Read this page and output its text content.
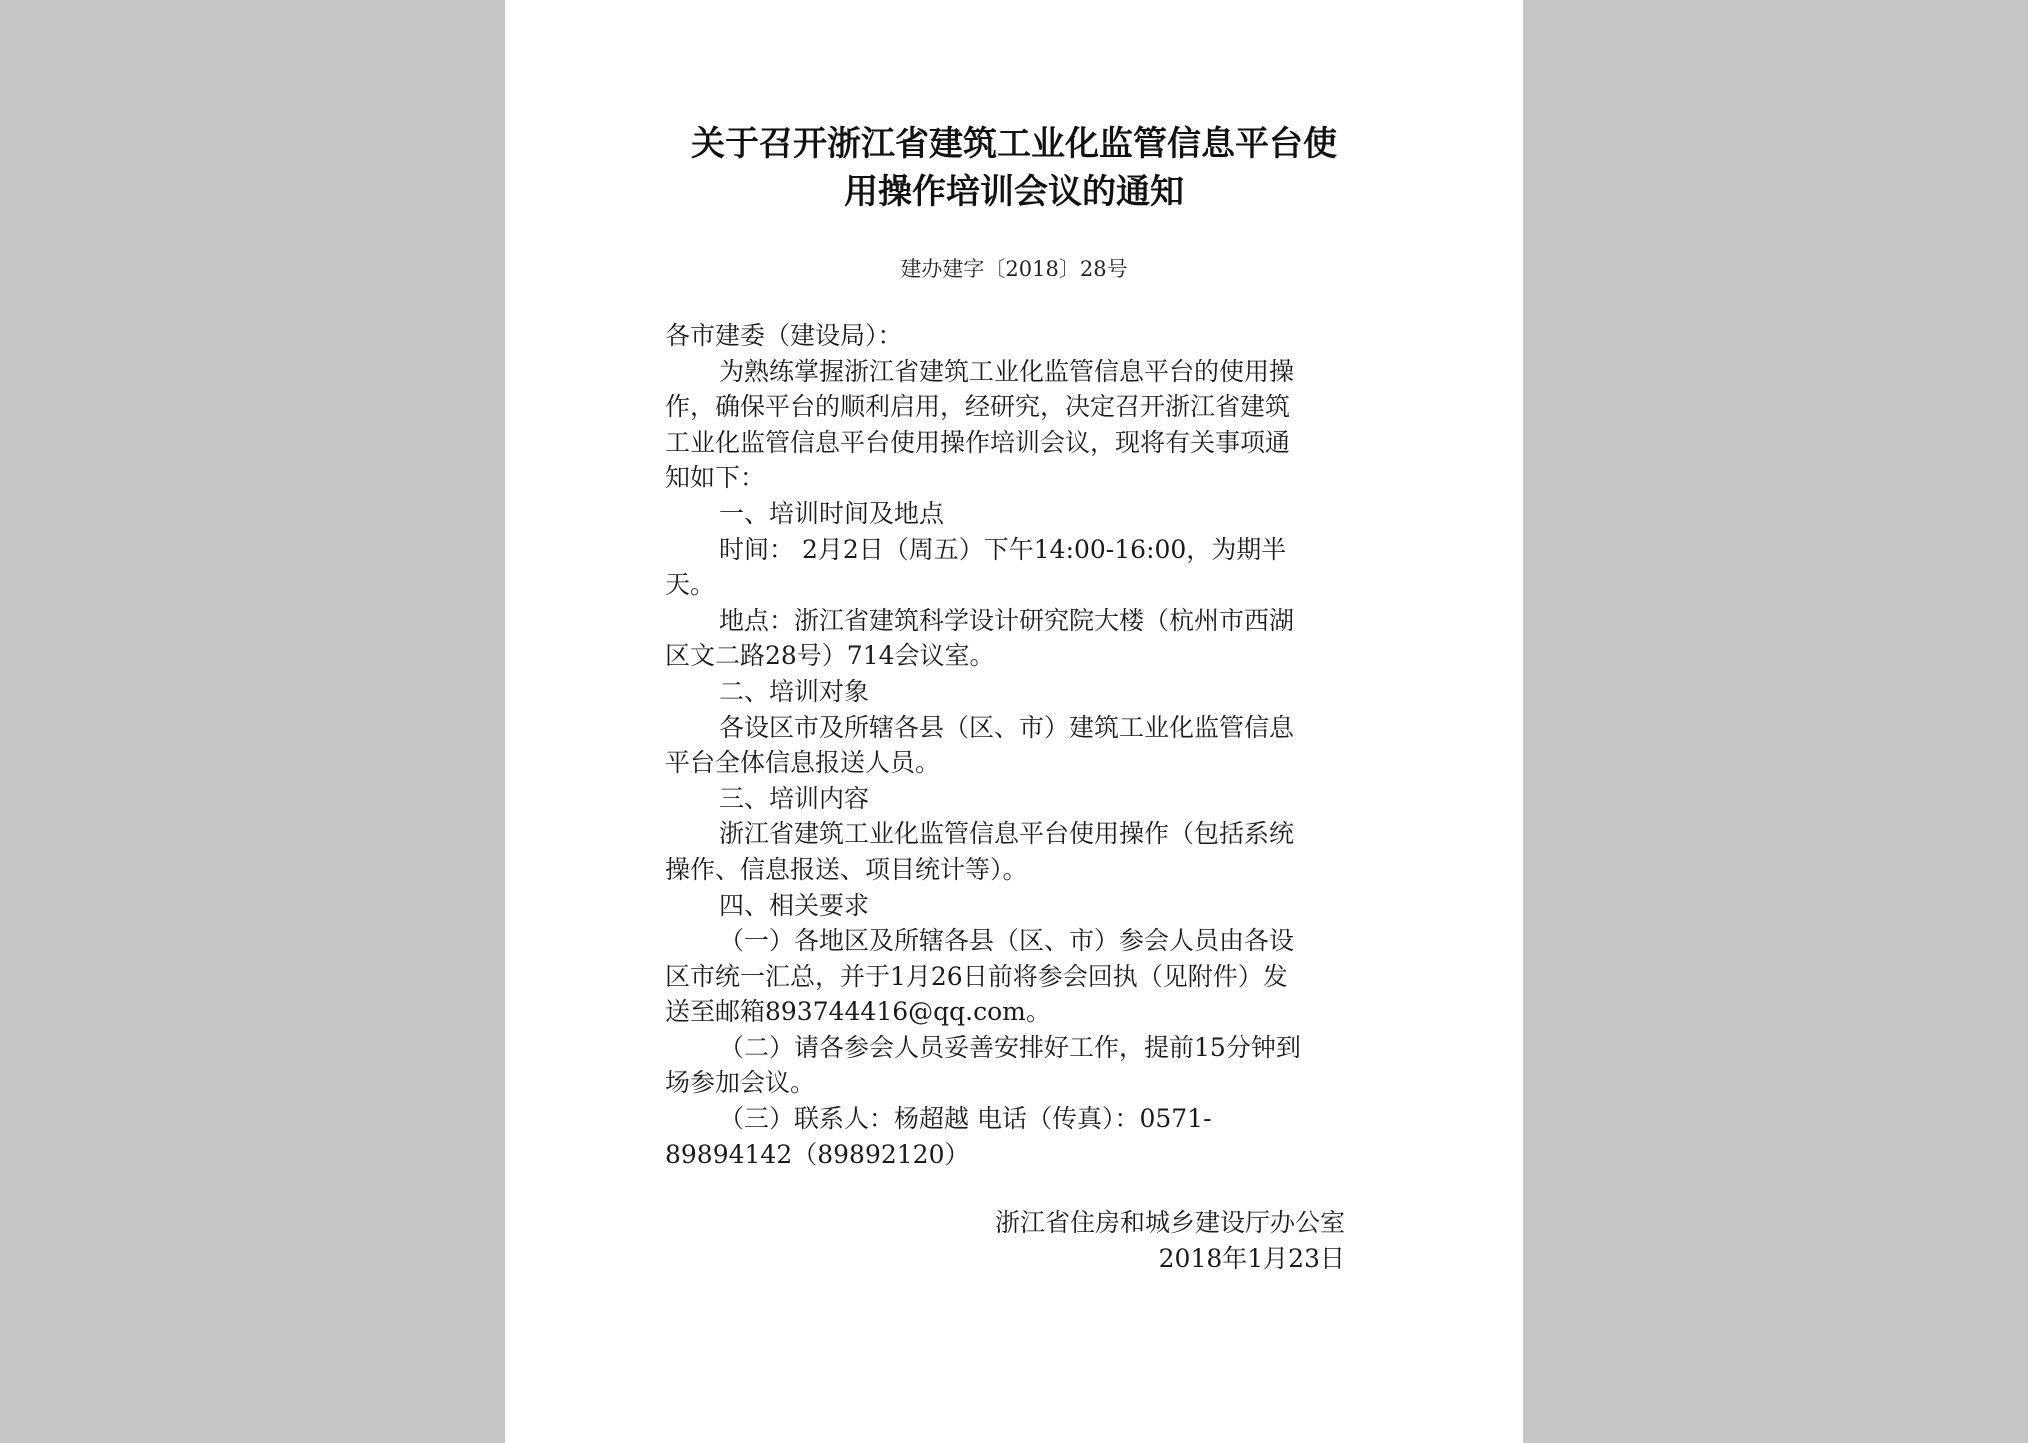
关于召开浙江省建筑工业化监管信息平台使
用操作培训会议的通知
建办建字〔2018〕28号
各市建委（建设局）：
为熟练掌握浙江省建筑工业化监管信息平台的使用操
作，确保平台的顺利启用，经研究，决定召开浙江省建筑
工业化监管信息平台使用操作培训会议，现将有关事项通
知如下：
一、培训时间及地点
时间： 2月2日（周五）下午14:00-16:00，为期半
天。
地点：浙江省建筑科学设计研究院大楼（杭州市西湖
区文二路28号）714会议室。
二、培训对象
各设区市及所辖各县（区、市）建筑工业化监管信息
平台全体信息报送人员。
三、培训内容
浙江省建筑工业化监管信息平台使用操作（包括系统
操作、信息报送、项目统计等）。
四、相关要求
（一）各地区及所辖各县（区、市）参会人员由各设
区市统一汇总，并于1月26日前将参会回执（见附件）发
送至邮箱893744416@qq.com。
（二）请各参会人员妥善安排好工作，提前15分钟到
场参加会议。
（三）联系人：杨超越 电话（传真）：0571-
89894142（89892120）
浙江省住房和城乡建设厅办公室
2018年1月23日
